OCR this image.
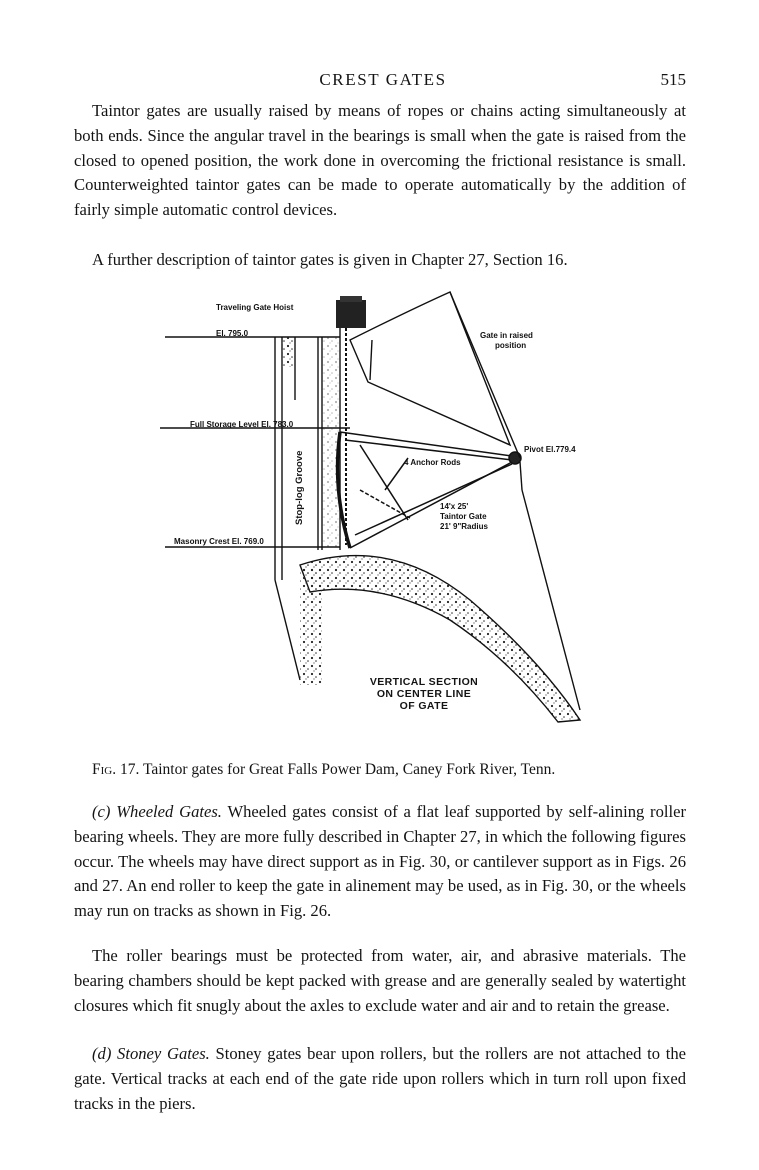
CREST GATES	515

Taintor gates are usually raised by means of ropes or chains acting simultaneously at both ends. Since the angular travel in the bearings is small when the gate is raised from the closed to opened position, the work done in overcoming the frictional resistance is small. Counterweighted taintor gates can be made to operate automatically by the addition of fairly simple automatic control devices.

A further description of taintor gates is given in Chapter 27, Section 16.

Traveling Gate Hoist
El. 795.0	Gate in raised
position
Full Storage Level El. 783.0
Pivot El.779.4
4 Anchor Rods
Stop-log Groove	14'x 25'
Taintor Gate
21' 9"Radius
Masonry Crest El. 769.0
VERTICAL SECTION
ON CENTER LINE
OF GATE
Fig. 17. Taintor gates for Great Falls Power Dam, Caney Fork River, Tenn.

(c) Wheeled Gates. Wheeled gates consist of a flat leaf supported by self-alining roller bearing wheels. They are more fully described in Chapter 27, in which the following figures occur. The wheels may have direct support as in Fig. 30, or cantilever support as in Figs. 26 and 27. An end roller to keep the gate in alinement may be used, as in Fig. 30, or the wheels may run on tracks as shown in Fig. 26.

The roller bearings must be protected from water, air, and abrasive materials. The bearing chambers should be kept packed with grease and are generally sealed by watertight closures which fit snugly about the axles to exclude water and air and to retain the grease.

(d) Stoney Gates. Stoney gates bear upon rollers, but the rollers are not attached to the gate. Vertical tracks at each end of the gate ride upon rollers which in turn roll upon fixed tracks in the piers.
